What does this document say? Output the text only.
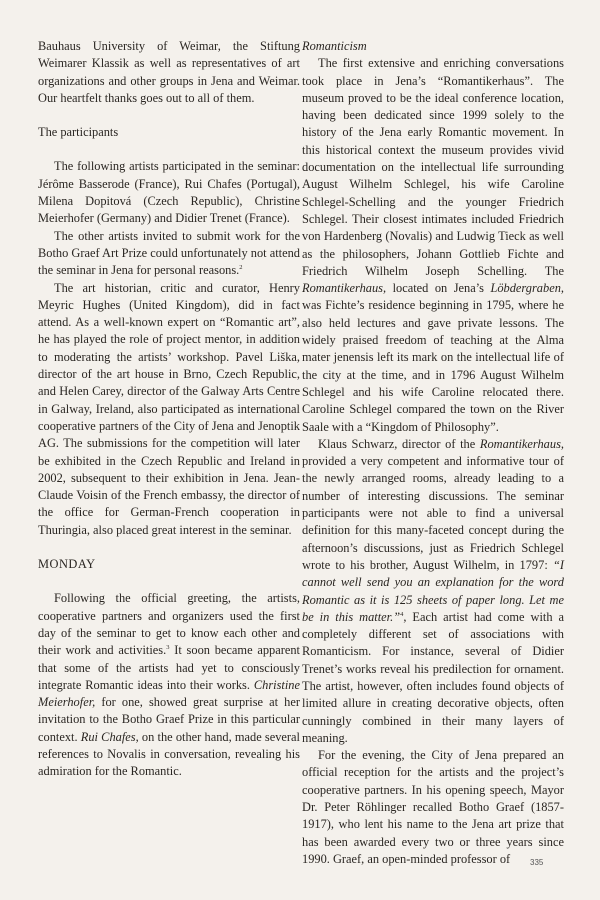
Bauhaus University of Weimar, the Stiftung Weimarer Klassik as well as representatives of art organizations and other groups in Jena and Weimar. Our heartfelt thanks goes out to all of them.

The participants

The following artists participated in the seminar: Jérôme Basserode (France), Rui Chafes (Portugal), Milena Dopitová (Czech Republic), Christine Meierhofer (Germany) and Didier Trenet (France).

The other artists invited to submit work for the Botho Graef Art Prize could unfortunately not attend the seminar in Jena for personal reasons.$^2$

The art historian, critic and curator, Henry Meyric Hughes (United Kingdom), did in fact attend. As a well-known expert on “Romantic art”, he has played the role of project mentor, in addition to moderating the artists’ workshop. Pavel Liška, director of the art house in Brno, Czech Republic, and Helen Carey, director of the Galway Arts Centre in Galway, Ireland, also participated as international cooperative partners of the City of Jena and Jenoptik AG. The submissions for the competition will later be exhibited in the Czech Republic and Ireland in 2002, subsequent to their exhibition in Jena. Jean-Claude Voisin of the French embassy, the director of the office for German-French cooperation in Thuringia, also placed great interest in the seminar.

MONDAY

Following the official greeting, the artists, cooperative partners and organizers used the first day of the seminar to get to know each other and their work and activities.$^3$ It soon became apparent that some of the artists had yet to consciously integrate Romantic ideas into their works. Christine Meierhofer, for one, showed great surprise at her invitation to the Botho Graef Prize in this particular context. Rui Chafes, on the other hand, made several references to Novalis in conversation, revealing his admiration for the Romantic.

Romanticism

The first extensive and enriching conversations took place in Jena’s “Romantikerhaus”. The museum proved to be the ideal conference location, having been dedicated since 1999 solely to the history of the Jena early Romantic movement. In this historical context the museum provides vivid documentation on the intellectual life surrounding August Wilhelm Schlegel, his wife Caroline Schlegel-Schelling and the younger Friedrich Schlegel. Their closest intimates included Friedrich von Hardenberg (Novalis) and Ludwig Tieck as well as the philosophers, Johann Gottlieb Fichte and Friedrich Wilhelm Joseph Schelling. The Romantikerhaus, located on Jena’s Löbdergraben, was Fichte’s residence beginning in 1795, where he also held lectures and gave private lessons. The widely praised freedom of teaching at the Alma mater jenensis left its mark on the intellectual life of the city at the time, and in 1796 August Wilhelm Schlegel and his wife Caroline relocated there. Caroline Schlegel compared the town on the River Saale with a “Kingdom of Philosophy”.

Klaus Schwarz, director of the Romantikerhaus, provided a very competent and informative tour of the newly arranged rooms, already leading to a number of interesting discussions. The seminar participants were not able to find a universal definition for this many-faceted concept during the afternoon’s discussions, just as Friedrich Schlegel wrote to his brother, August Wilhelm, in 1797: “I cannot well send you an explanation for the word Romantic as it is 125 sheets of paper long. Let me be in this matter.”$^4$, Each artist had come with a completely different set of associations with Romanticism. For instance, several of Didier Trenet’s works reveal his predilection for ornament. The artist, however, often includes found objects of limited allure in creating decorative objects, often cunningly combined in their many layers of meaning.

For the evening, the City of Jena prepared an official reception for the artists and the project’s cooperative partners. In his opening speech, Mayor Dr. Peter Röhlinger recalled Botho Graef (1857-1917), who lent his name to the Jena art prize that has been awarded every two or three years since 1990. Graef, an open-minded professor of	335
